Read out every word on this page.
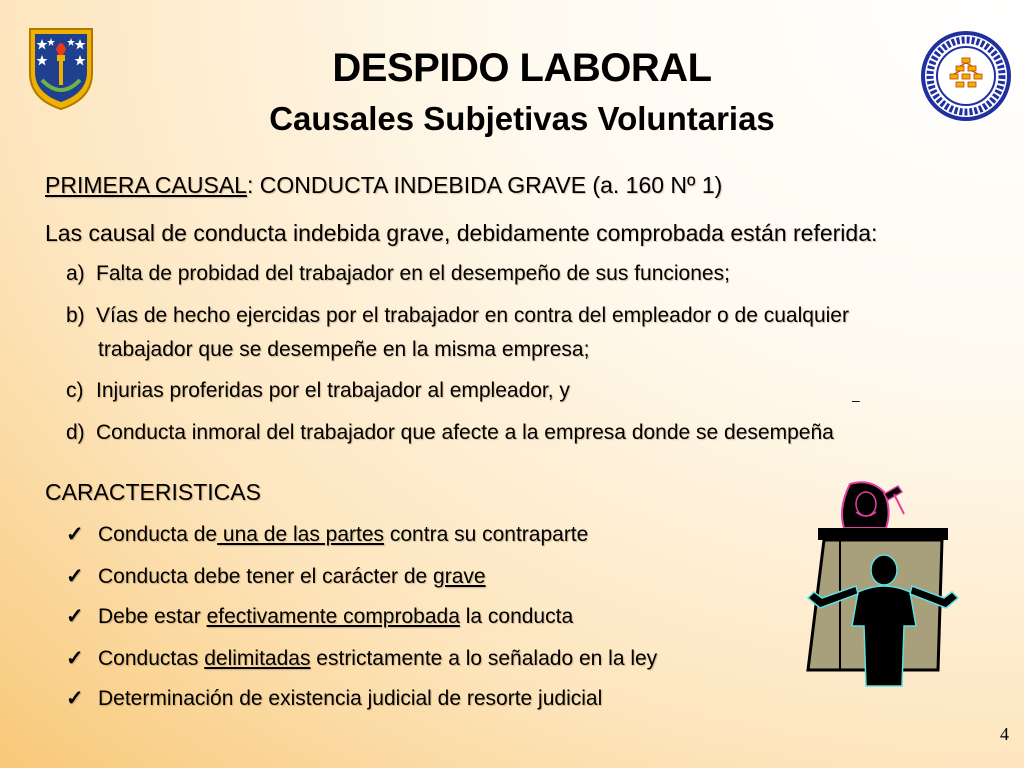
DESPIDO LABORAL
Causales Subjetivas Voluntarias
PRIMERA CAUSAL: CONDUCTA INDEBIDA GRAVE (a. 160 Nº 1)
Las causal de conducta indebida grave, debidamente comprobada están referida:
a) Falta de probidad del trabajador en el desempeño de sus funciones;
b) Vías de hecho ejercidas por el trabajador en contra del empleador o de cualquier
trabajador que se desempeñe en la misma empresa;
c) Injurias proferidas por el trabajador al empleador, y	–
d) Conducta inmoral del trabajador que afecte a la empresa donde se desempeña
CARACTERISTICAS
✓ Conducta de una de las partes contra su contraparte
✓ Conducta debe tener el carácter de grave
✓ Debe estar efectivamente comprobada la conducta
✓ Conductas delimitadas estrictamente a lo señalado en la ley
✓ Determinación de existencia judicial de resorte judicial
4
